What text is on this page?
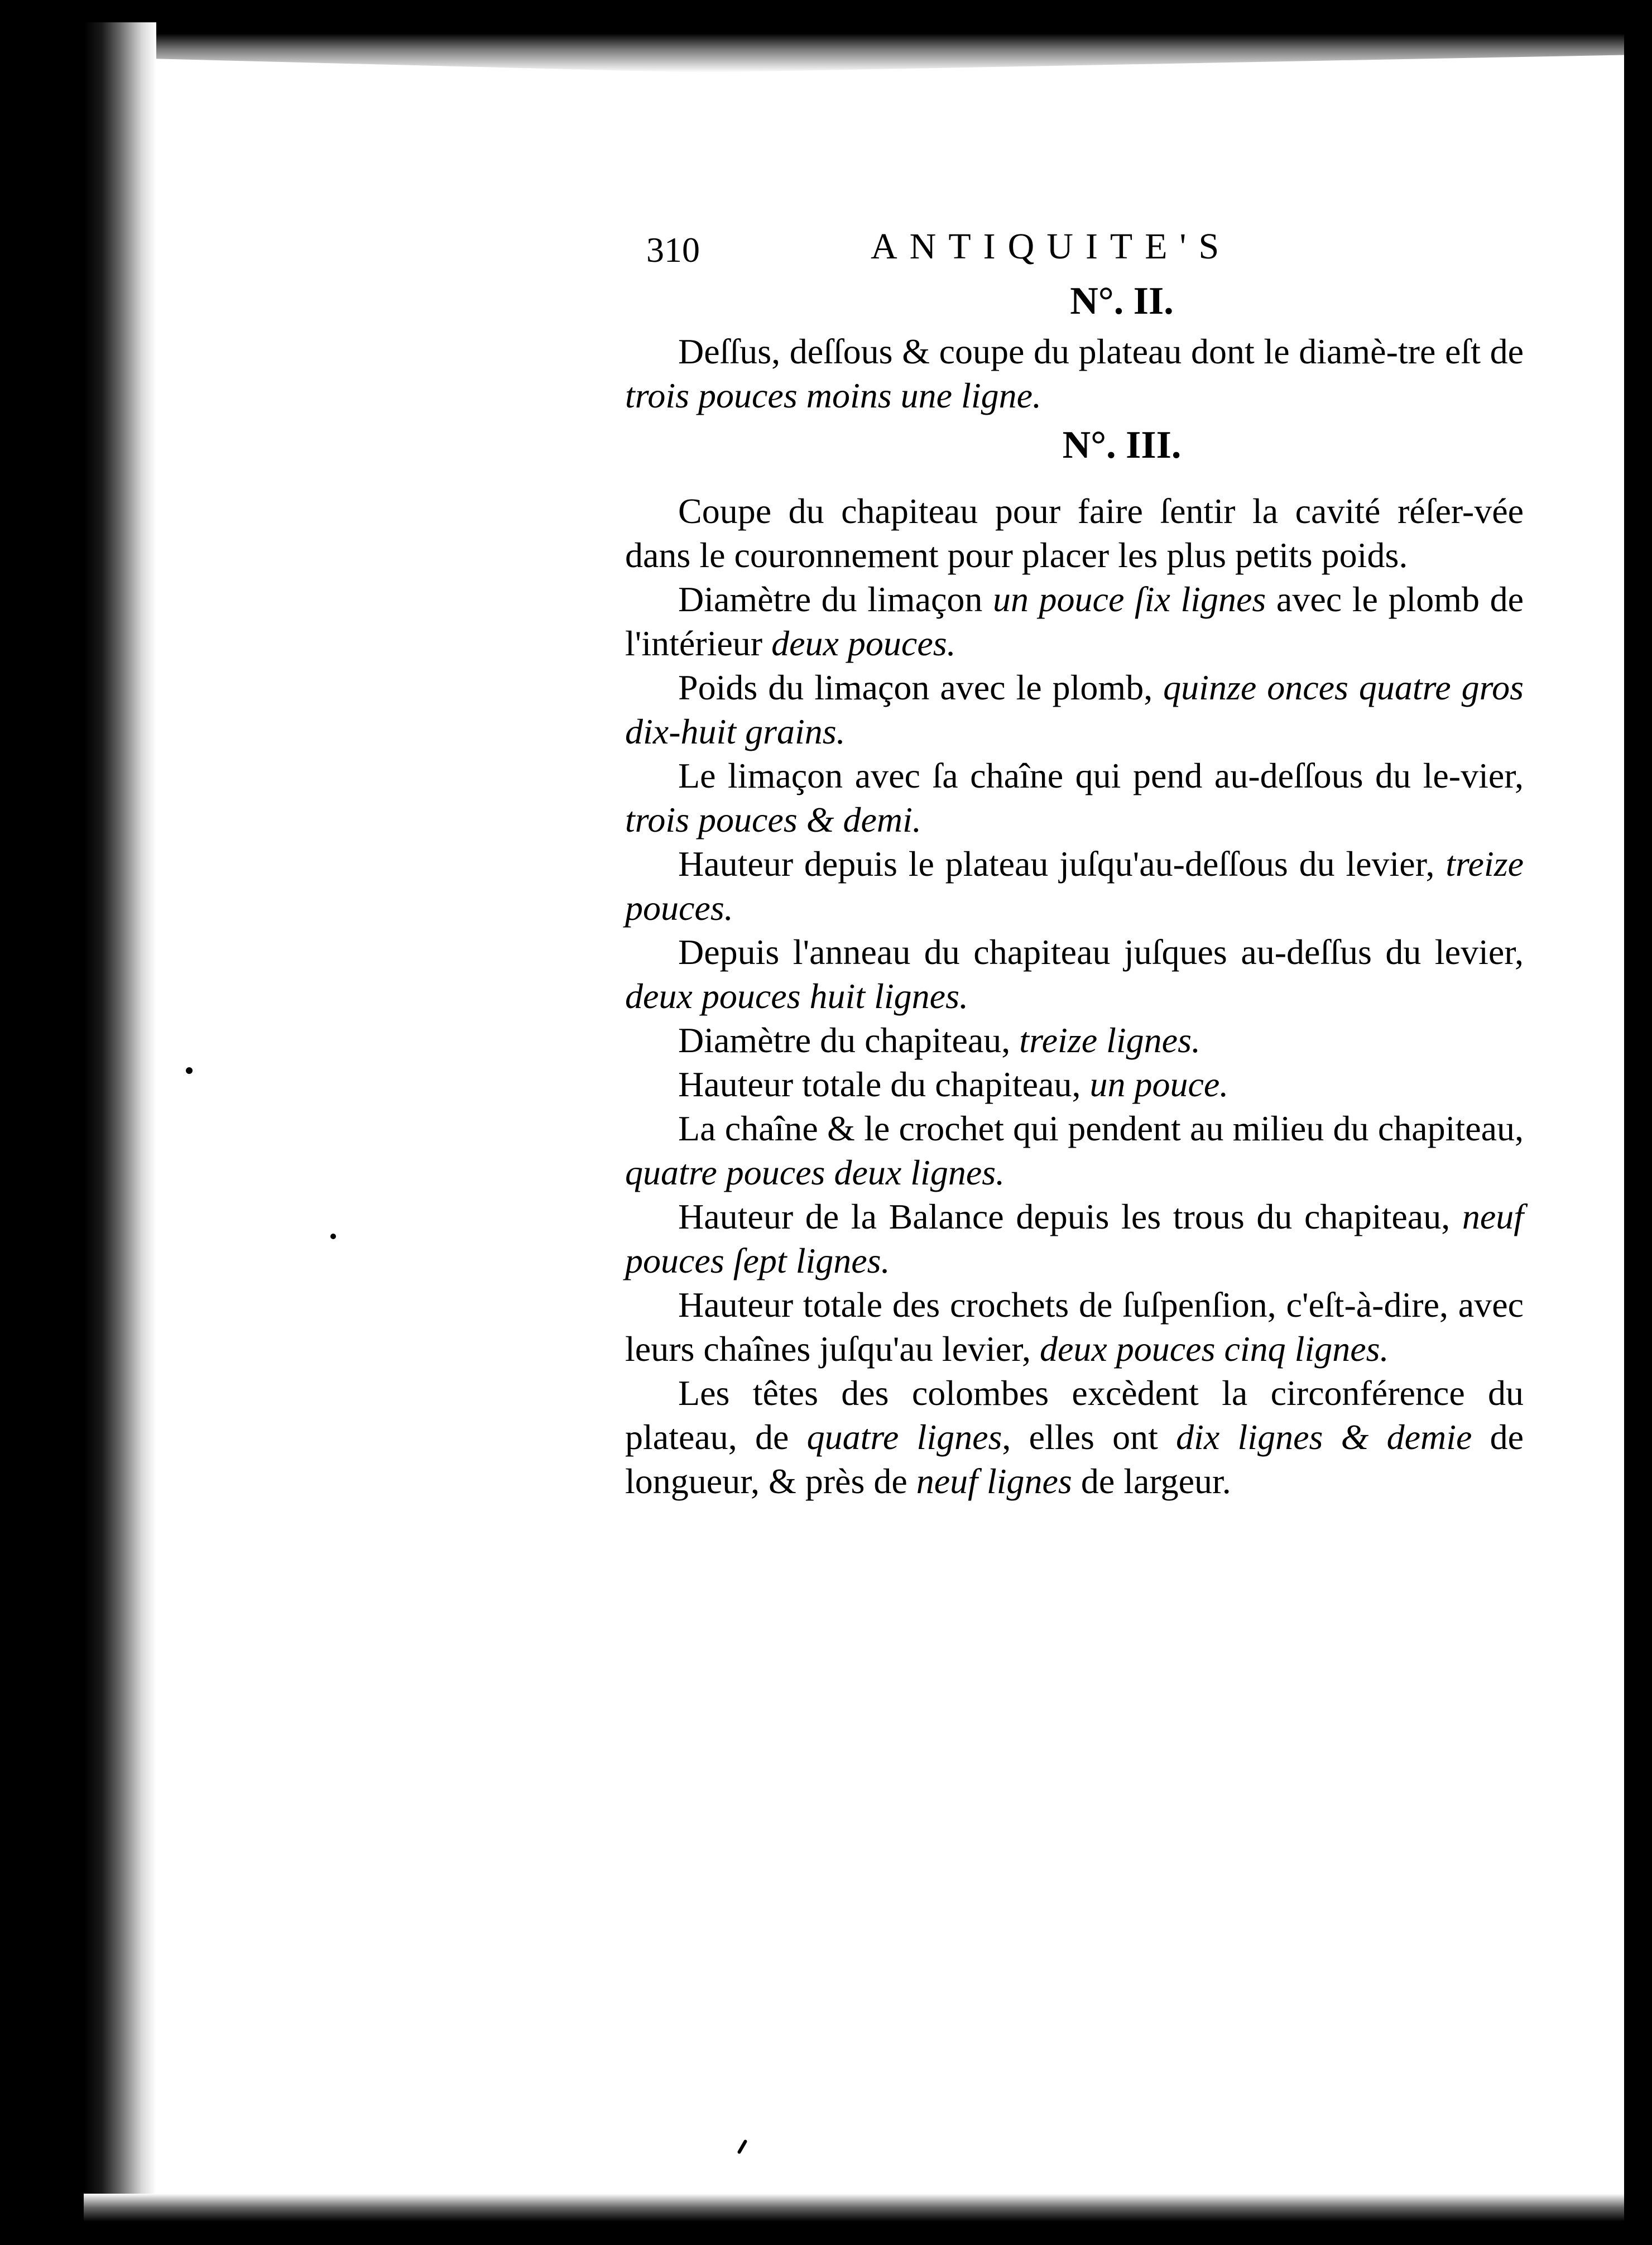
310	ANTIQUITE'S
N°. II.

Deſſus, deſſous & coupe du plateau dont le diamè-tre eſt de trois pouces moins une ligne.

N°. III.

Coupe du chapiteau pour faire ſentir la cavité réſer-vée dans le couronnement pour placer les plus petits poids.

Diamètre du limaçon un pouce ſix lignes avec le plomb de l'intérieur deux pouces.

Poids du limaçon avec le plomb, quinze onces quatre gros dix-huit grains.

Le limaçon avec ſa chaîne qui pend au-deſſous du le-vier, trois pouces & demi.

Hauteur depuis le plateau juſqu'au-deſſous du levier, treize pouces.

Depuis l'anneau du chapiteau juſques au-deſſus du levier, deux pouces huit lignes.

Diamètre du chapiteau, treize lignes.

Hauteur totale du chapiteau, un pouce.

La chaîne & le crochet qui pendent au milieu du chapiteau, quatre pouces deux lignes.

Hauteur de la Balance depuis les trous du chapiteau, neuf pouces ſept lignes.

Hauteur totale des crochets de ſuſpenſion, c'eſt-à-dire, avec leurs chaînes juſqu'au levier, deux pouces cinq lignes.

Les têtes des colombes excèdent la circonférence du plateau, de quatre lignes, elles ont dix lignes & demie de longueur, & près de neuf lignes de largeur.
